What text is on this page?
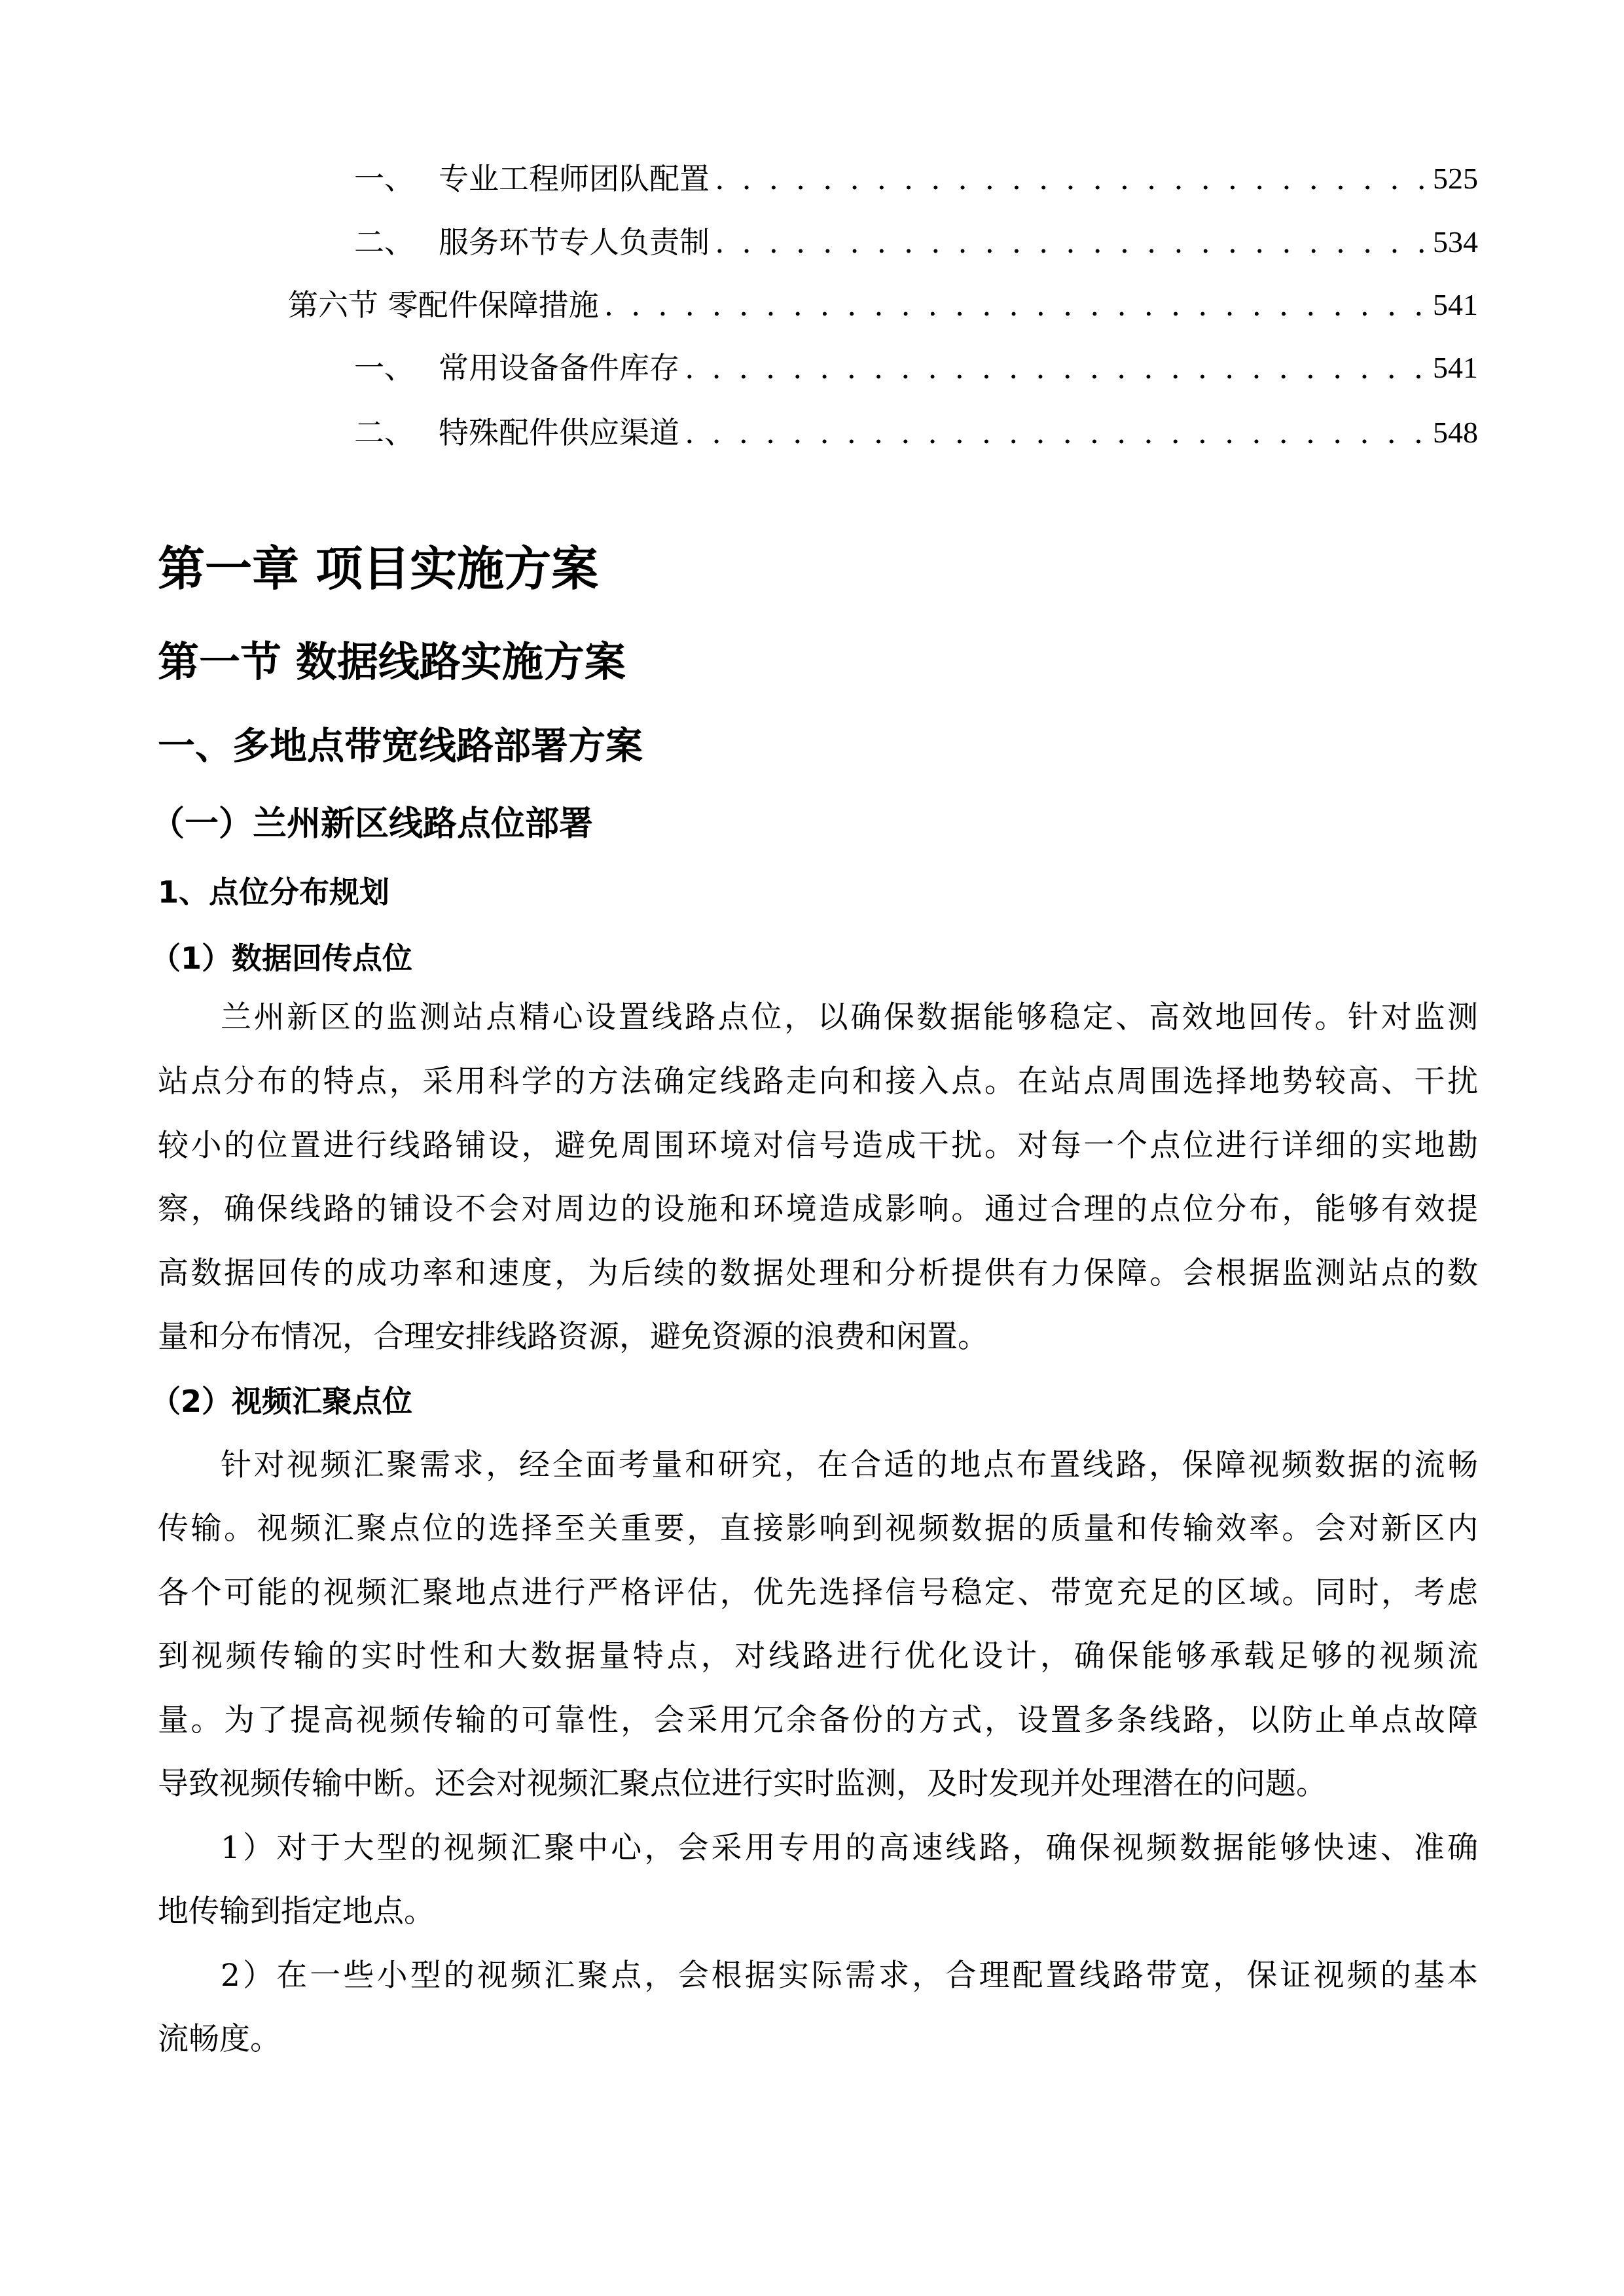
一、 专业工程师团队配置 . . .	525
二、 服务环节专人负责制 . . .	534
第六节 零配件保障措施 . . .	541
一、 常用设备备件库存 . . .	541
二、 特殊配件供应渠道 . . .	548
第一章 项目实施方案
第一节 数据线路实施方案
一、多地点带宽线路部署方案
（一）兰州新区线路点位部署
1、点位分布规划
（1）数据回传点位
兰州新区的监测站点精心设置线路点位，以确保数据能够稳定、高效地回传。针对监测
站点分布的特点，采用科学的方法确定线路走向和接入点。在站点周围选择地势较高、干扰
较小的位置进行线路铺设，避免周围环境对信号造成干扰。对每一个点位进行详细的实地勘
察，确保线路的铺设不会对周边的设施和环境造成影响。通过合理的点位分布，能够有效提
高数据回传的成功率和速度，为后续的数据处理和分析提供有力保障。会根据监测站点的数
量和分布情况，合理安排线路资源，避免资源的浪费和闲置。
（2）视频汇聚点位
针对视频汇聚需求，经全面考量和研究，在合适的地点布置线路，保障视频数据的流畅
传输。视频汇聚点位的选择至关重要，直接影响到视频数据的质量和传输效率。会对新区内
各个可能的视频汇聚地点进行严格评估，优先选择信号稳定、带宽充足的区域。同时，考虑
到视频传输的实时性和大数据量特点，对线路进行优化设计，确保能够承载足够的视频流
量。为了提高视频传输的可靠性，会采用冗余备份的方式，设置多条线路，以防止单点故障
导致视频传输中断。还会对视频汇聚点位进行实时监测，及时发现并处理潜在的问题。
1）对于大型的视频汇聚中心，会采用专用的高速线路，确保视频数据能够快速、准确
地传输到指定地点。
2）在一些小型的视频汇聚点，会根据实际需求，合理配置线路带宽，保证视频的基本
流畅度。
